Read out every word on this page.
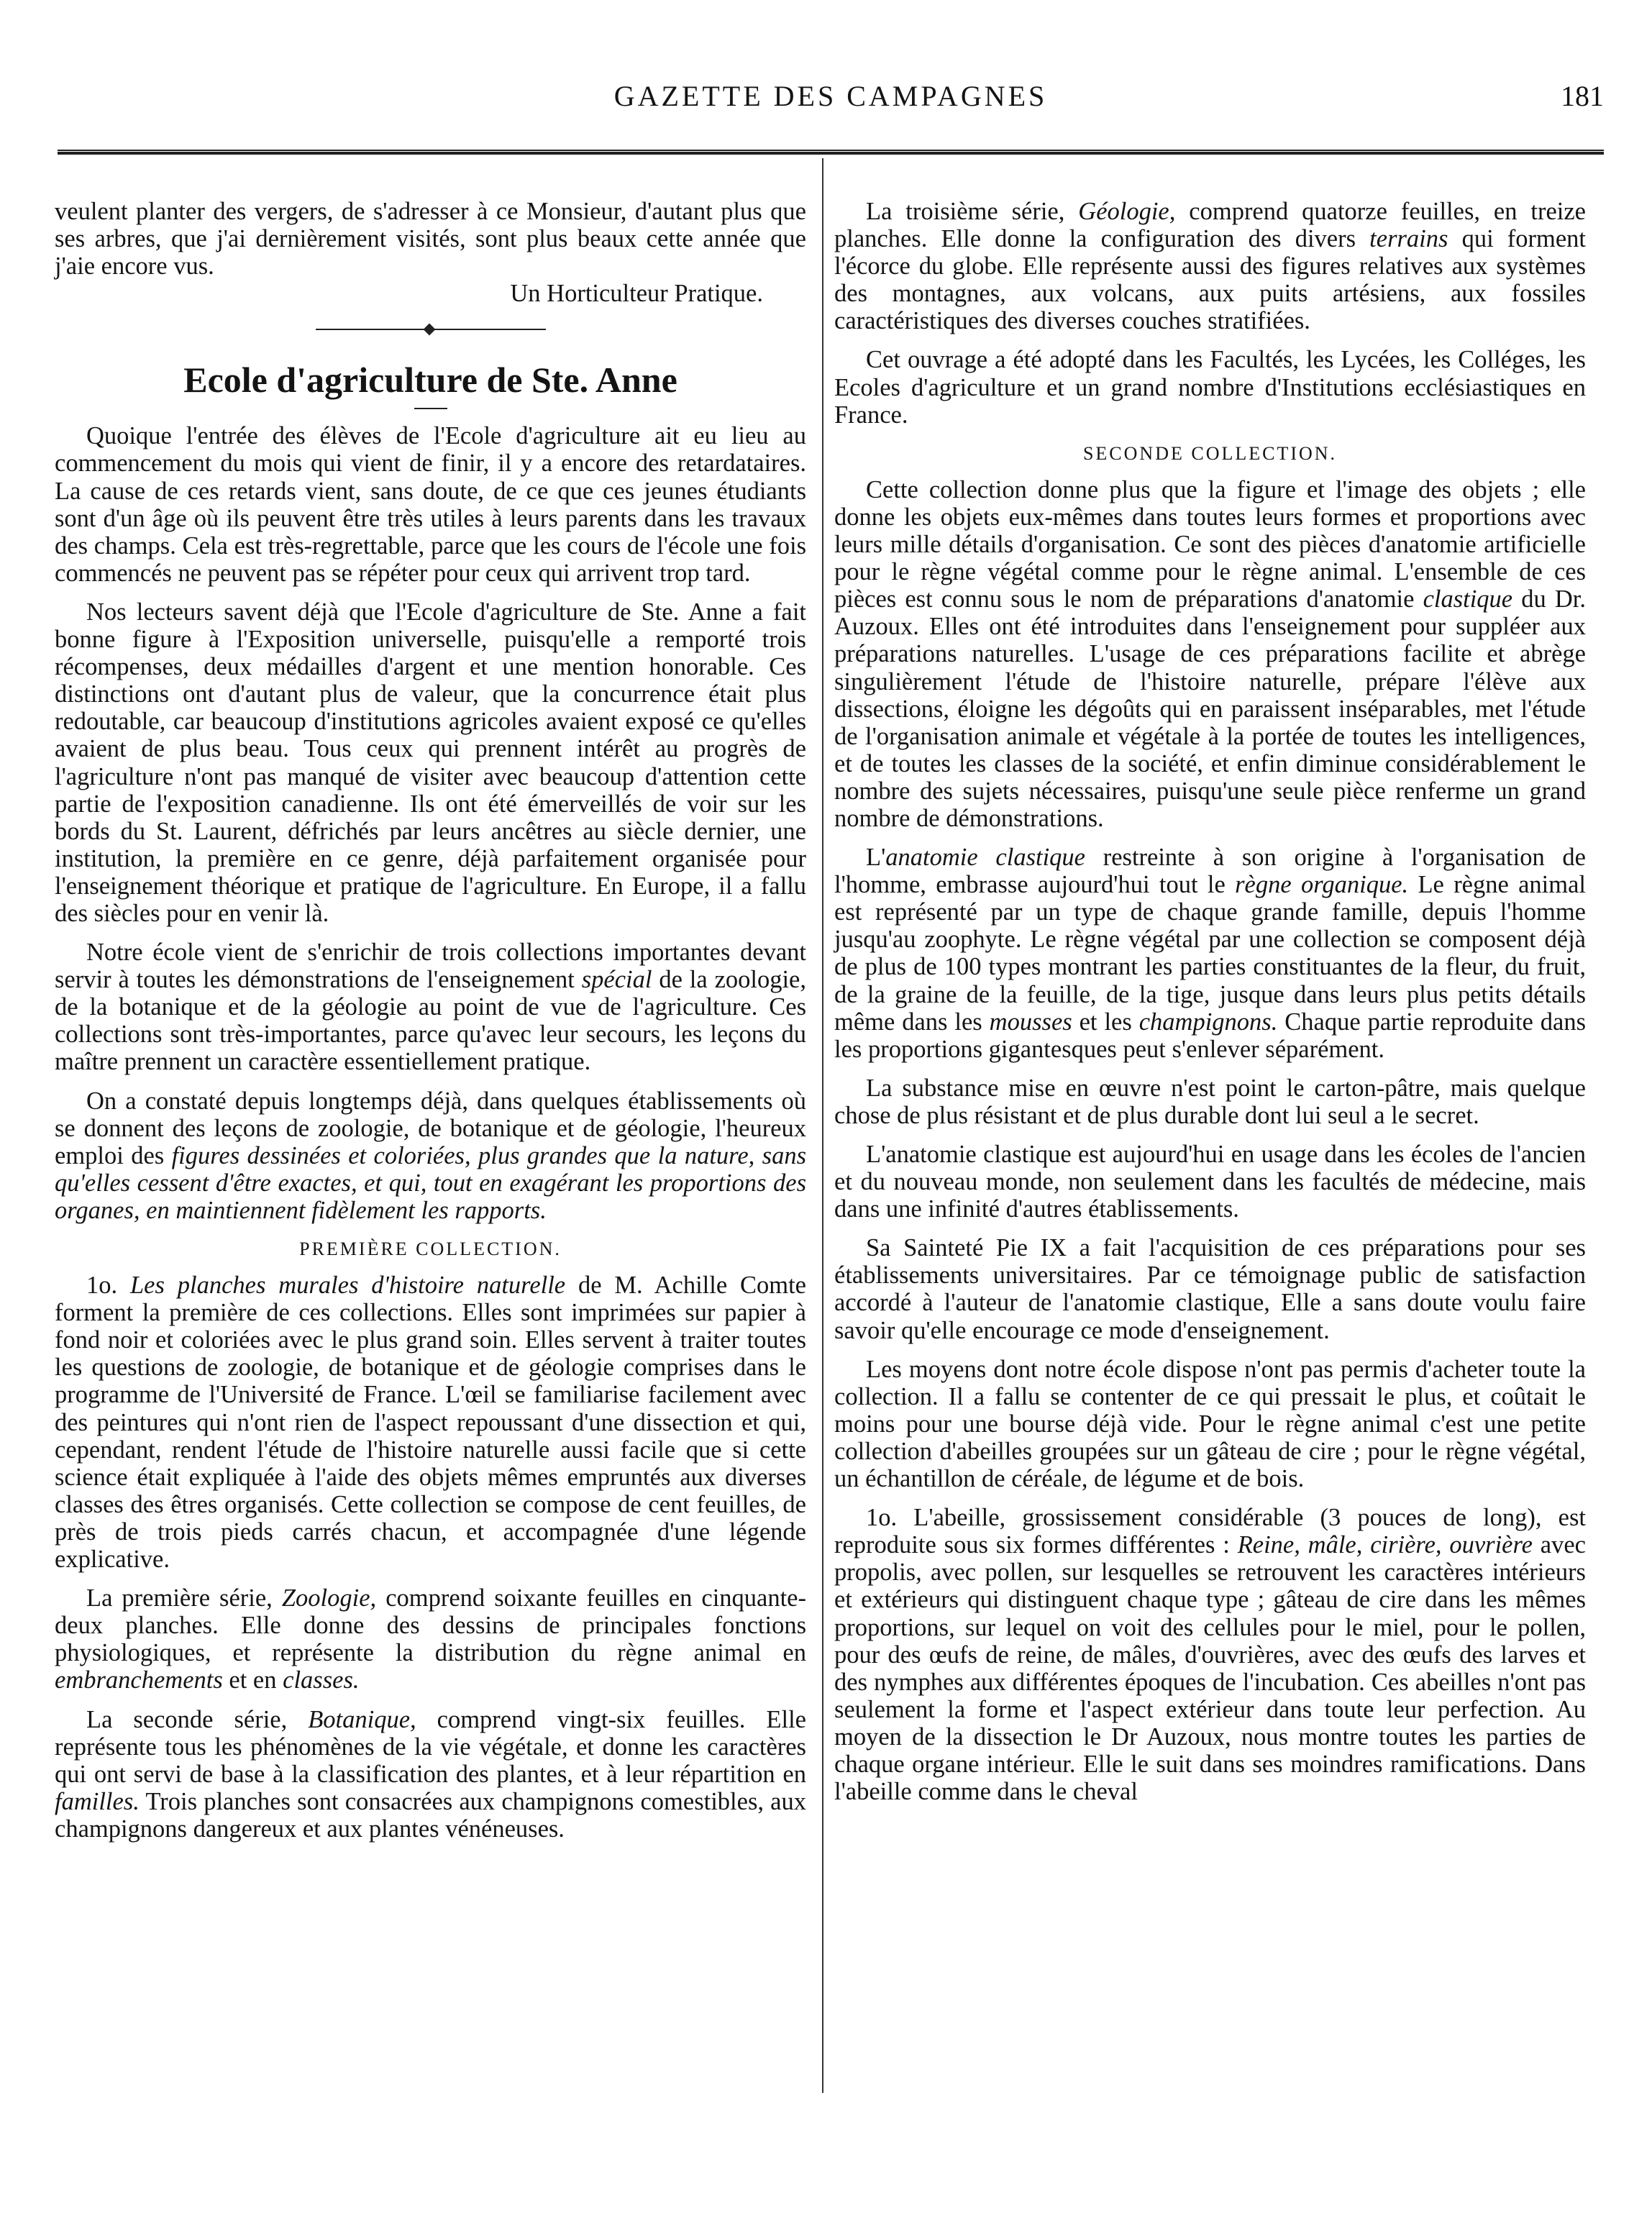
GAZETTE DES CAMPAGNES	181

veulent planter des vergers, de s'adresser à ce Monsieur, d'autant plus que ses arbres, que j'ai dernièrement visités, sont plus beaux cette année que j'aie encore vus.

Un Horticulteur Pratique.
Ecole d'agriculture de Ste. Anne

Quoique l'entrée des élèves de l'Ecole d'agriculture ait eu lieu au commencement du mois qui vient de finir, il y a encore des retardataires. La cause de ces retards vient, sans doute, de ce que ces jeunes étudiants sont d'un âge où ils peuvent être très utiles à leurs parents dans les travaux des champs. Cela est très-regrettable, parce que les cours de l'école une fois commencés ne peuvent pas se répéter pour ceux qui arrivent trop tard.

Nos lecteurs savent déjà que l'Ecole d'agriculture de Ste. Anne a fait bonne figure à l'Exposition universelle, puisqu'elle a remporté trois récompenses, deux médailles d'argent et une mention honorable. Ces distinctions ont d'autant plus de valeur, que la concurrence était plus redoutable, car beaucoup d'institutions agricoles avaient exposé ce qu'elles avaient de plus beau. Tous ceux qui prennent intérêt au progrès de l'agriculture n'ont pas manqué de visiter avec beaucoup d'attention cette partie de l'exposition canadienne. Ils ont été émerveillés de voir sur les bords du St. Laurent, défrichés par leurs ancêtres au siècle dernier, une institution, la première en ce genre, déjà parfaitement organisée pour l'enseignement théorique et pratique de l'agriculture. En Europe, il a fallu des siècles pour en venir là.

Notre école vient de s'enrichir de trois collections importantes devant servir à toutes les démonstrations de l'enseignement spécial de la zoologie, de la botanique et de la géologie au point de vue de l'agriculture. Ces collections sont très-importantes, parce qu'avec leur secours, les leçons du maître prennent un caractère essentiellement pratique.

On a constaté depuis longtemps déjà, dans quelques établissements où se donnent des leçons de zoologie, de botanique et de géologie, l'heureux emploi des figures dessinées et coloriées, plus grandes que la nature, sans qu'elles cessent d'être exactes, et qui, tout en exagérant les proportions des organes, en maintiennent fidèlement les rapports.

PREMIÈRE COLLECTION.

1o. Les planches murales d'histoire naturelle de M. Achille Comte forment la première de ces collections. Elles sont imprimées sur papier à fond noir et coloriées avec le plus grand soin. Elles servent à traiter toutes les questions de zoologie, de botanique et de géologie comprises dans le programme de l'Université de France. L'œil se familiarise facilement avec des peintures qui n'ont rien de l'aspect repoussant d'une dissection et qui, cependant, rendent l'étude de l'histoire naturelle aussi facile que si cette science était expliquée à l'aide des objets mêmes empruntés aux diverses classes des êtres organisés. Cette collection se compose de cent feuilles, de près de trois pieds carrés chacun, et accompagnée d'une légende explicative.

La première série, Zoologie, comprend soixante feuilles en cinquante-deux planches. Elle donne des dessins de principales fonctions physiologiques, et représente la distribution du règne animal en embranchements et en classes.

La seconde série, Botanique, comprend vingt-six feuilles. Elle représente tous les phénomènes de la vie végétale, et donne les caractères qui ont servi de base à la classification des plantes, et à leur répartition en familles. Trois planches sont consacrées aux champignons comestibles, aux champignons dangereux et aux plantes vénéneuses.

La troisième série, Géologie, comprend quatorze feuilles, en treize planches. Elle donne la configuration des divers terrains qui forment l'écorce du globe. Elle représente aussi des figures relatives aux systèmes des montagnes, aux volcans, aux puits artésiens, aux fossiles caractéristiques des diverses couches stratifiées.

Cet ouvrage a été adopté dans les Facultés, les Lycées, les Colléges, les Ecoles d'agriculture et un grand nombre d'Institutions ecclésiastiques en France.

SECONDE COLLECTION.

Cette collection donne plus que la figure et l'image des objets ; elle donne les objets eux-mêmes dans toutes leurs formes et proportions avec leurs mille détails d'organisation. Ce sont des pièces d'anatomie artificielle pour le règne végétal comme pour le règne animal. L'ensemble de ces pièces est connu sous le nom de préparations d'anatomie clastique du Dr. Auzoux. Elles ont été introduites dans l'enseignement pour suppléer aux préparations naturelles. L'usage de ces préparations facilite et abrège singulièrement l'étude de l'histoire naturelle, prépare l'élève aux dissections, éloigne les dégoûts qui en paraissent inséparables, met l'étude de l'organisation animale et végétale à la portée de toutes les intelligences, et de toutes les classes de la société, et enfin diminue considérablement le nombre des sujets nécessaires, puisqu'une seule pièce renferme un grand nombre de démonstrations.

L'anatomie clastique restreinte à son origine à l'organisation de l'homme, embrasse aujourd'hui tout le règne organique. Le règne animal est représenté par un type de chaque grande famille, depuis l'homme jusqu'au zoophyte. Le règne végétal par une collection se composent déjà de plus de 100 types montrant les parties constituantes de la fleur, du fruit, de la graine de la feuille, de la tige, jusque dans leurs plus petits détails même dans les mousses et les champignons. Chaque partie reproduite dans les proportions gigantesques peut s'enlever séparément.

La substance mise en œuvre n'est point le carton-pâtre, mais quelque chose de plus résistant et de plus durable dont lui seul a le secret.

L'anatomie clastique est aujourd'hui en usage dans les écoles de l'ancien et du nouveau monde, non seulement dans les facultés de médecine, mais dans une infinité d'autres établissements.

Sa Sainteté Pie IX a fait l'acquisition de ces préparations pour ses établissements universitaires. Par ce témoignage public de satisfaction accordé à l'auteur de l'anatomie clastique, Elle a sans doute voulu faire savoir qu'elle encourage ce mode d'enseignement.

Les moyens dont notre école dispose n'ont pas permis d'acheter toute la collection. Il a fallu se contenter de ce qui pressait le plus, et coûtait le moins pour une bourse déjà vide. Pour le règne animal c'est une petite collection d'abeilles groupées sur un gâteau de cire ; pour le règne végétal, un échantillon de céréale, de légume et de bois.

1o. L'abeille, grossissement considérable (3 pouces de long), est reproduite sous six formes différentes : Reine, mâle, cirière, ouvrière avec propolis, avec pollen, sur lesquelles se retrouvent les caractères intérieurs et extérieurs qui distinguent chaque type ; gâteau de cire dans les mêmes proportions, sur lequel on voit des cellules pour le miel, pour le pollen, pour des œufs de reine, de mâles, d'ouvrières, avec des œufs des larves et des nymphes aux différentes époques de l'incubation. Ces abeilles n'ont pas seulement la forme et l'aspect extérieur dans toute leur perfection. Au moyen de la dissection le Dr Auzoux, nous montre toutes les parties de chaque organe intérieur. Elle le suit dans ses moindres ramifications. Dans l'abeille comme dans le cheval
